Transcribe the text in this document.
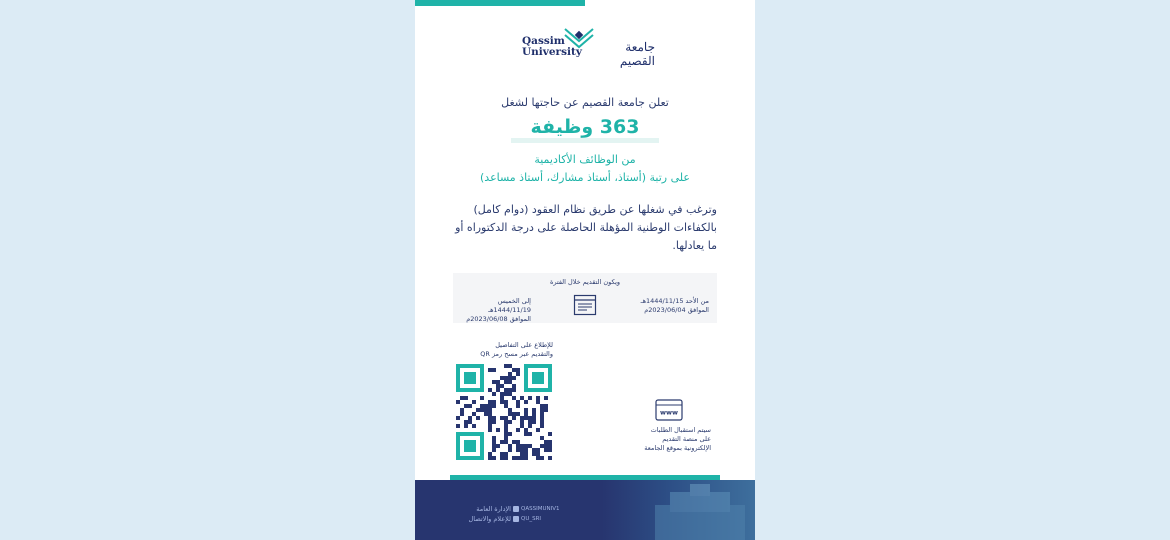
Qassim
University	جامعة القصيم
تعلن جامعة القصيم عن حاجتها لشغل
363 وظيفة
من الوظائف الأكاديمية
على رتبة (أستاذ، أستاذ مشارك، أستاذ مساعد)
وترغب في شغلها عن طريق نظام العقود (دوام كامل) بالكفاءات الوطنية المؤهلة الحاصلة على درجة الدكتوراه أو ما يعادلها.
ويكون التقديم خلال الفترة
من الأحد 1444/11/15هـ
الموافق 2023/06/04م
إلى الخميس 1444/11/19هـ
الموافق 2023/06/08م
للإطلاع على التفاصيل
والتقديم عبر مسح رمز QR
www
سيتم استقبال الطلبات
على منصة التقديم
الإلكترونية بموقع الجامعة
الإدارة العامة
للإعلام والاتصال
QASSIMUNIV1
QU_SRI
